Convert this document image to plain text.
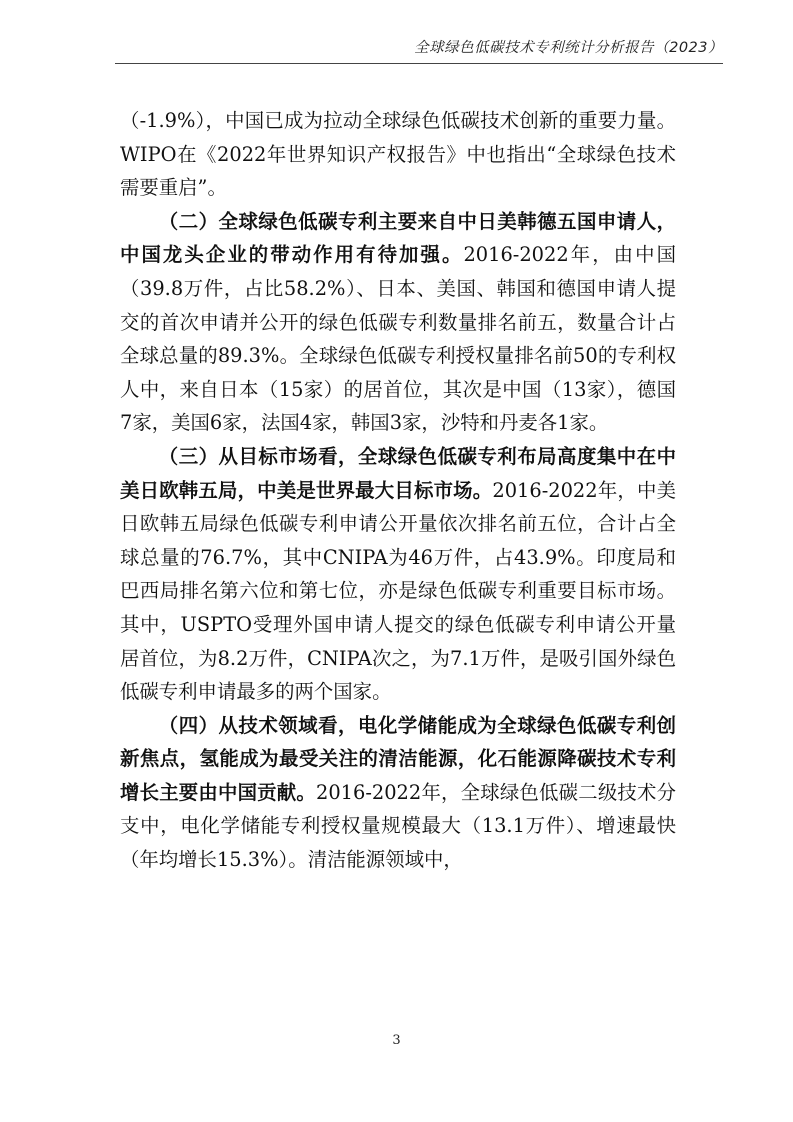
全球绿色低碳技术专利统计分析报告（2023）

（-1.9%），中国已成为拉动全球绿色低碳技术创新的重要力量。WIPO在《2022年世界知识产权报告》中也指出“全球绿色技术需要重启”。

（二）全球绿色低碳专利主要来自中日美韩德五国申请人，中国龙头企业的带动作用有待加强。2016-2022年，由中国（39.8万件，占比58.2%）、日本、美国、韩国和德国申请人提交的首次申请并公开的绿色低碳专利数量排名前五，数量合计占全球总量的89.3%。全球绿色低碳专利授权量排名前50的专利权人中，来自日本（15家）的居首位，其次是中国（13家），德国7家，美国6家，法国4家，韩国3家，沙特和丹麦各1家。

（三）从目标市场看，全球绿色低碳专利布局高度集中在中美日欧韩五局，中美是世界最大目标市场。2016-2022年，中美日欧韩五局绿色低碳专利申请公开量依次排名前五位，合计占全球总量的76.7%，其中CNIPA为46万件，占43.9%。印度局和巴西局排名第六位和第七位，亦是绿色低碳专利重要目标市场。其中，USPTO受理外国申请人提交的绿色低碳专利申请公开量居首位，为8.2万件，CNIPA次之，为7.1万件，是吸引国外绿色低碳专利申请最多的两个国家。

（四）从技术领域看，电化学储能成为全球绿色低碳专利创新焦点，氢能成为最受关注的清洁能源，化石能源降碳技术专利增长主要由中国贡献。2016-2022年，全球绿色低碳二级技术分支中，电化学储能专利授权量规模最大（13.1万件）、增速最快（年均增长15.3%）。清洁能源领域中，

3
